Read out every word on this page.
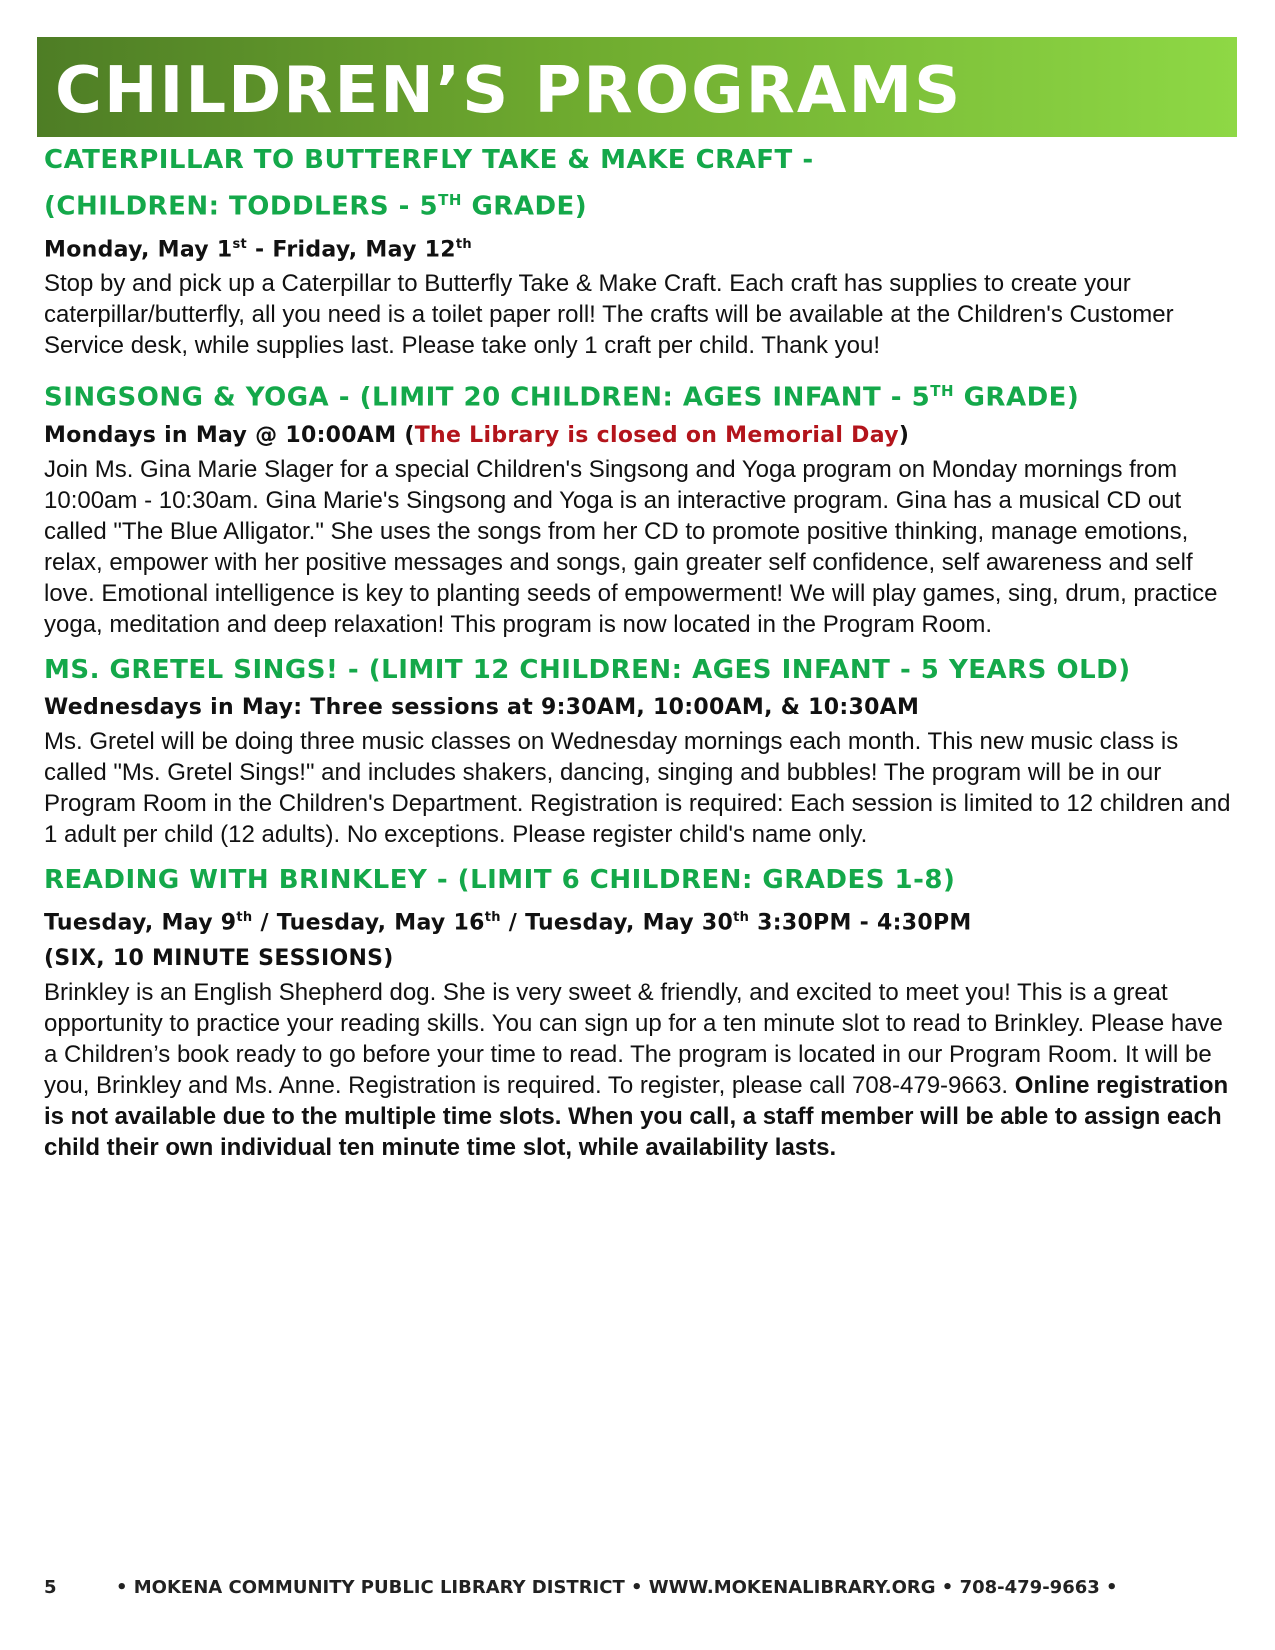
CHILDREN’S PROGRAMS

CATERPILLAR TO BUTTERFLY TAKE & MAKE CRAFT -
(CHILDREN: TODDLERS - 5TH GRADE)

Monday, May 1st - Friday, May 12th

Stop by and pick up a Caterpillar to Butterfly Take & Make Craft. Each craft has supplies to create your caterpillar/butterfly, all you need is a toilet paper roll! The crafts will be available at the Children's Customer Service desk, while supplies last. Please take only 1 craft per child. Thank you!

SINGSONG & YOGA - (LIMIT 20 CHILDREN: AGES INFANT - 5TH GRADE)

Mondays in May @ 10:00AM (The Library is closed on Memorial Day)

Join Ms. Gina Marie Slager for a special Children's Singsong and Yoga program on Monday mornings from 10:00am - 10:30am. Gina Marie's Singsong and Yoga is an interactive program. Gina has a musical CD out called "The Blue Alligator." She uses the songs from her CD to promote positive thinking, manage emotions, relax, empower with her positive messages and songs, gain greater self confidence, self awareness and self love. Emotional intelligence is key to planting seeds of empowerment! We will play games, sing, drum, practice yoga, meditation and deep relaxation! This program is now located in the Program Room.

MS. GRETEL SINGS! - (LIMIT 12 CHILDREN: AGES INFANT - 5 YEARS OLD)

Wednesdays in May: Three sessions at 9:30AM, 10:00AM, & 10:30AM

Ms. Gretel will be doing three music classes on Wednesday mornings each month. This new music class is called "Ms. Gretel Sings!" and includes shakers, dancing, singing and bubbles! The program will be in our Program Room in the Children's Department. Registration is required: Each session is limited to 12 children and 1 adult per child (12 adults). No exceptions. Please register child's name only.

READING WITH BRINKLEY - (LIMIT 6 CHILDREN: GRADES 1-8)

Tuesday, May 9th / Tuesday, May 16th / Tuesday, May 30th 3:30PM - 4:30PM

(SIX, 10 MINUTE SESSIONS)

Brinkley is an English Shepherd dog. She is very sweet & friendly, and excited to meet you! This is a great opportunity to practice your reading skills. You can sign up for a ten minute slot to read to Brinkley. Please have a Children’s book ready to go before your time to read. The program is located in our Program Room. It will be you, Brinkley and Ms. Anne. Registration is required. To register, please call 708-479-9663. Online registration is not available due to the multiple time slots. When you call, a staff member will be able to assign each child their own individual ten minute time slot, while availability lasts.

5	• MOKENA COMMUNITY PUBLIC LIBRARY DISTRICT • WWW.MOKENALIBRARY.ORG • 708-479-9663 •
